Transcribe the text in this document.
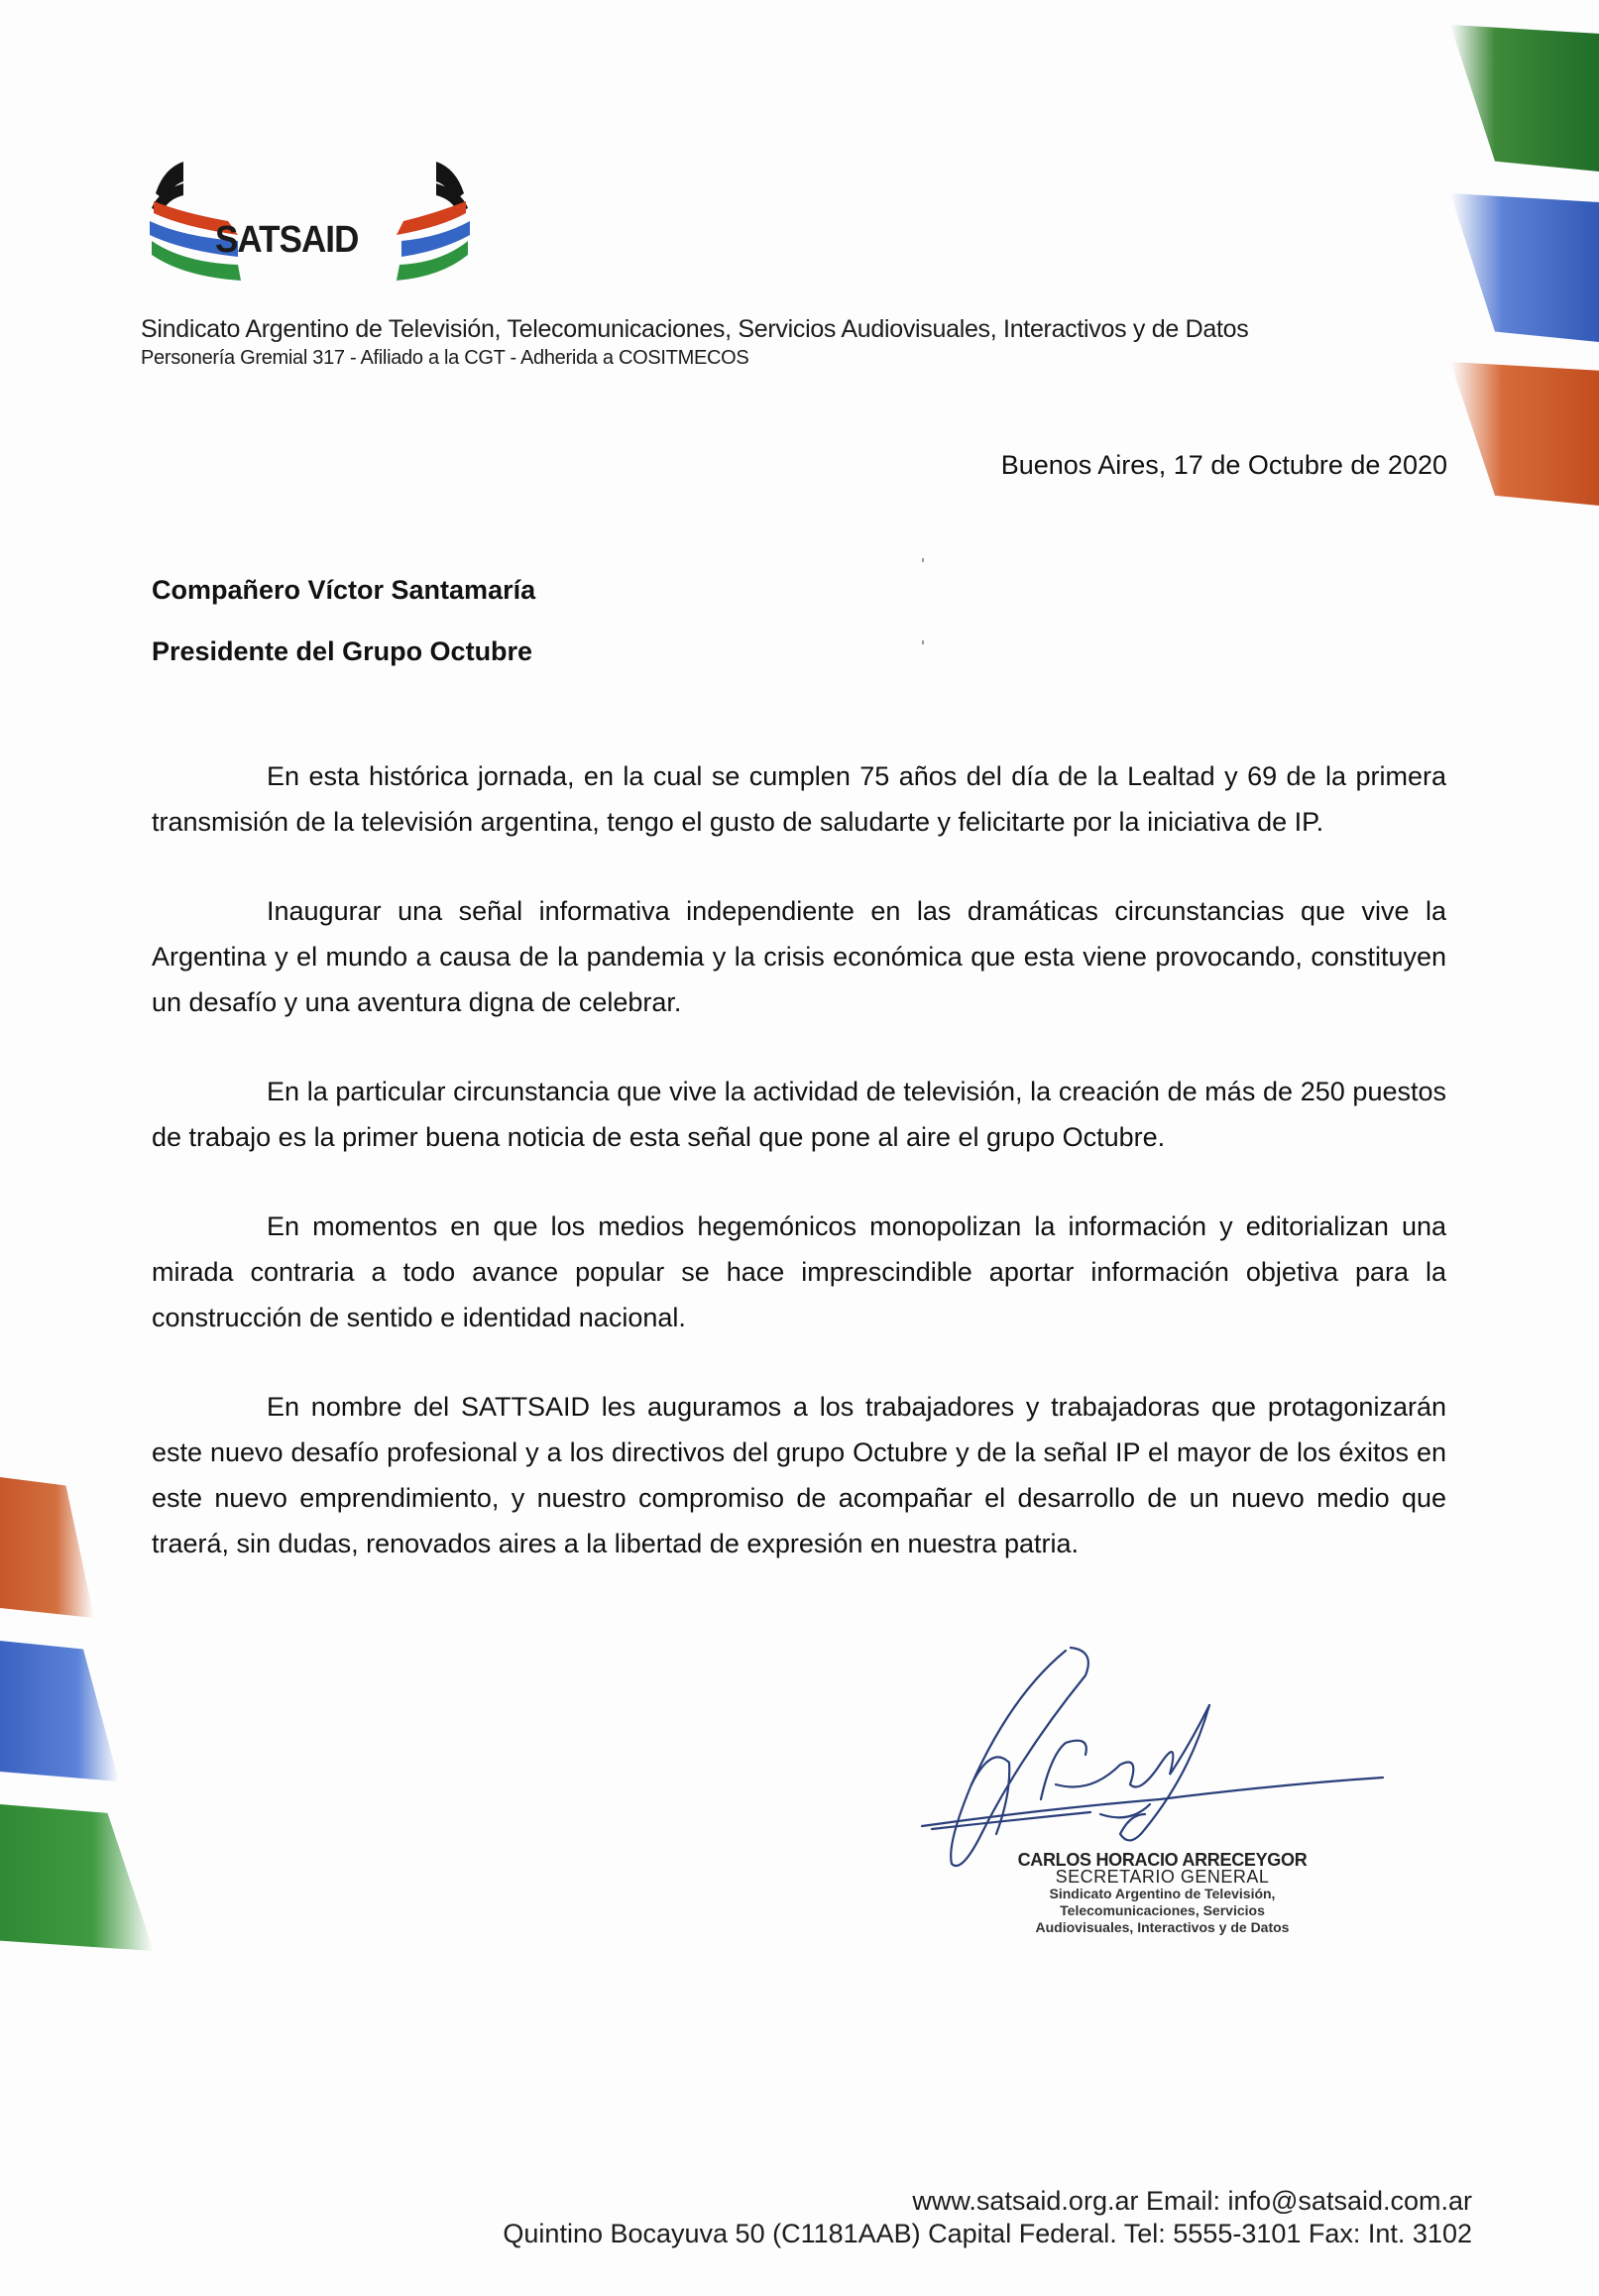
SATSAID
Sindicato Argentino de Televisión, Telecomunicaciones, Servicios Audiovisuales, Interactivos y de Datos
Personería Gremial 317 - Afiliado a la CGT - Adherida a COSITMECOS
Buenos Aires, 17 de Octubre de 2020
Compañero Víctor Santamaría
Presidente del Grupo Octubre

En esta histórica jornada, en la cual se cumplen 75 años del día de la Lealtad y 69 de la primera transmisión de la televisión argentina, tengo el gusto de saludarte y felicitarte por la iniciativa de IP.

Inaugurar una señal informativa independiente en las dramáticas circunstancias que vive la Argentina y el mundo a causa de la pandemia y la crisis económica que esta viene provocando, constituyen un desafío y una aventura digna de celebrar.

En la particular circunstancia que vive la actividad de televisión, la creación de más de 250 puestos de trabajo es la primer buena noticia de esta señal que pone al aire el grupo Octubre.

En momentos en que los medios hegemónicos monopolizan la información y editorializan una mirada contraria a todo avance popular se hace imprescindible aportar información objetiva para la construcción de sentido e identidad nacional.

En nombre del SATTSAID les auguramos a los trabajadores y trabajadoras que protagonizarán este nuevo desafío profesional y a los directivos del grupo Octubre y de la señal IP el mayor de los éxitos en este nuevo emprendimiento, y nuestro compromiso de acompañar el desarrollo de un nuevo medio que traerá, sin dudas, renovados aires a la libertad de expresión en nuestra patria.

CARLOS HORACIO ARRECEYGOR
SECRETARIO GENERAL
Sindicato Argentino de Televisión,
Telecomunicaciones, Servicios
Audiovisuales, Interactivos y de Datos
www.satsaid.org.ar Email: info@satsaid.com.ar
Quintino Bocayuva 50 (C1181AAB) Capital Federal. Tel: 5555-3101 Fax: Int. 3102
